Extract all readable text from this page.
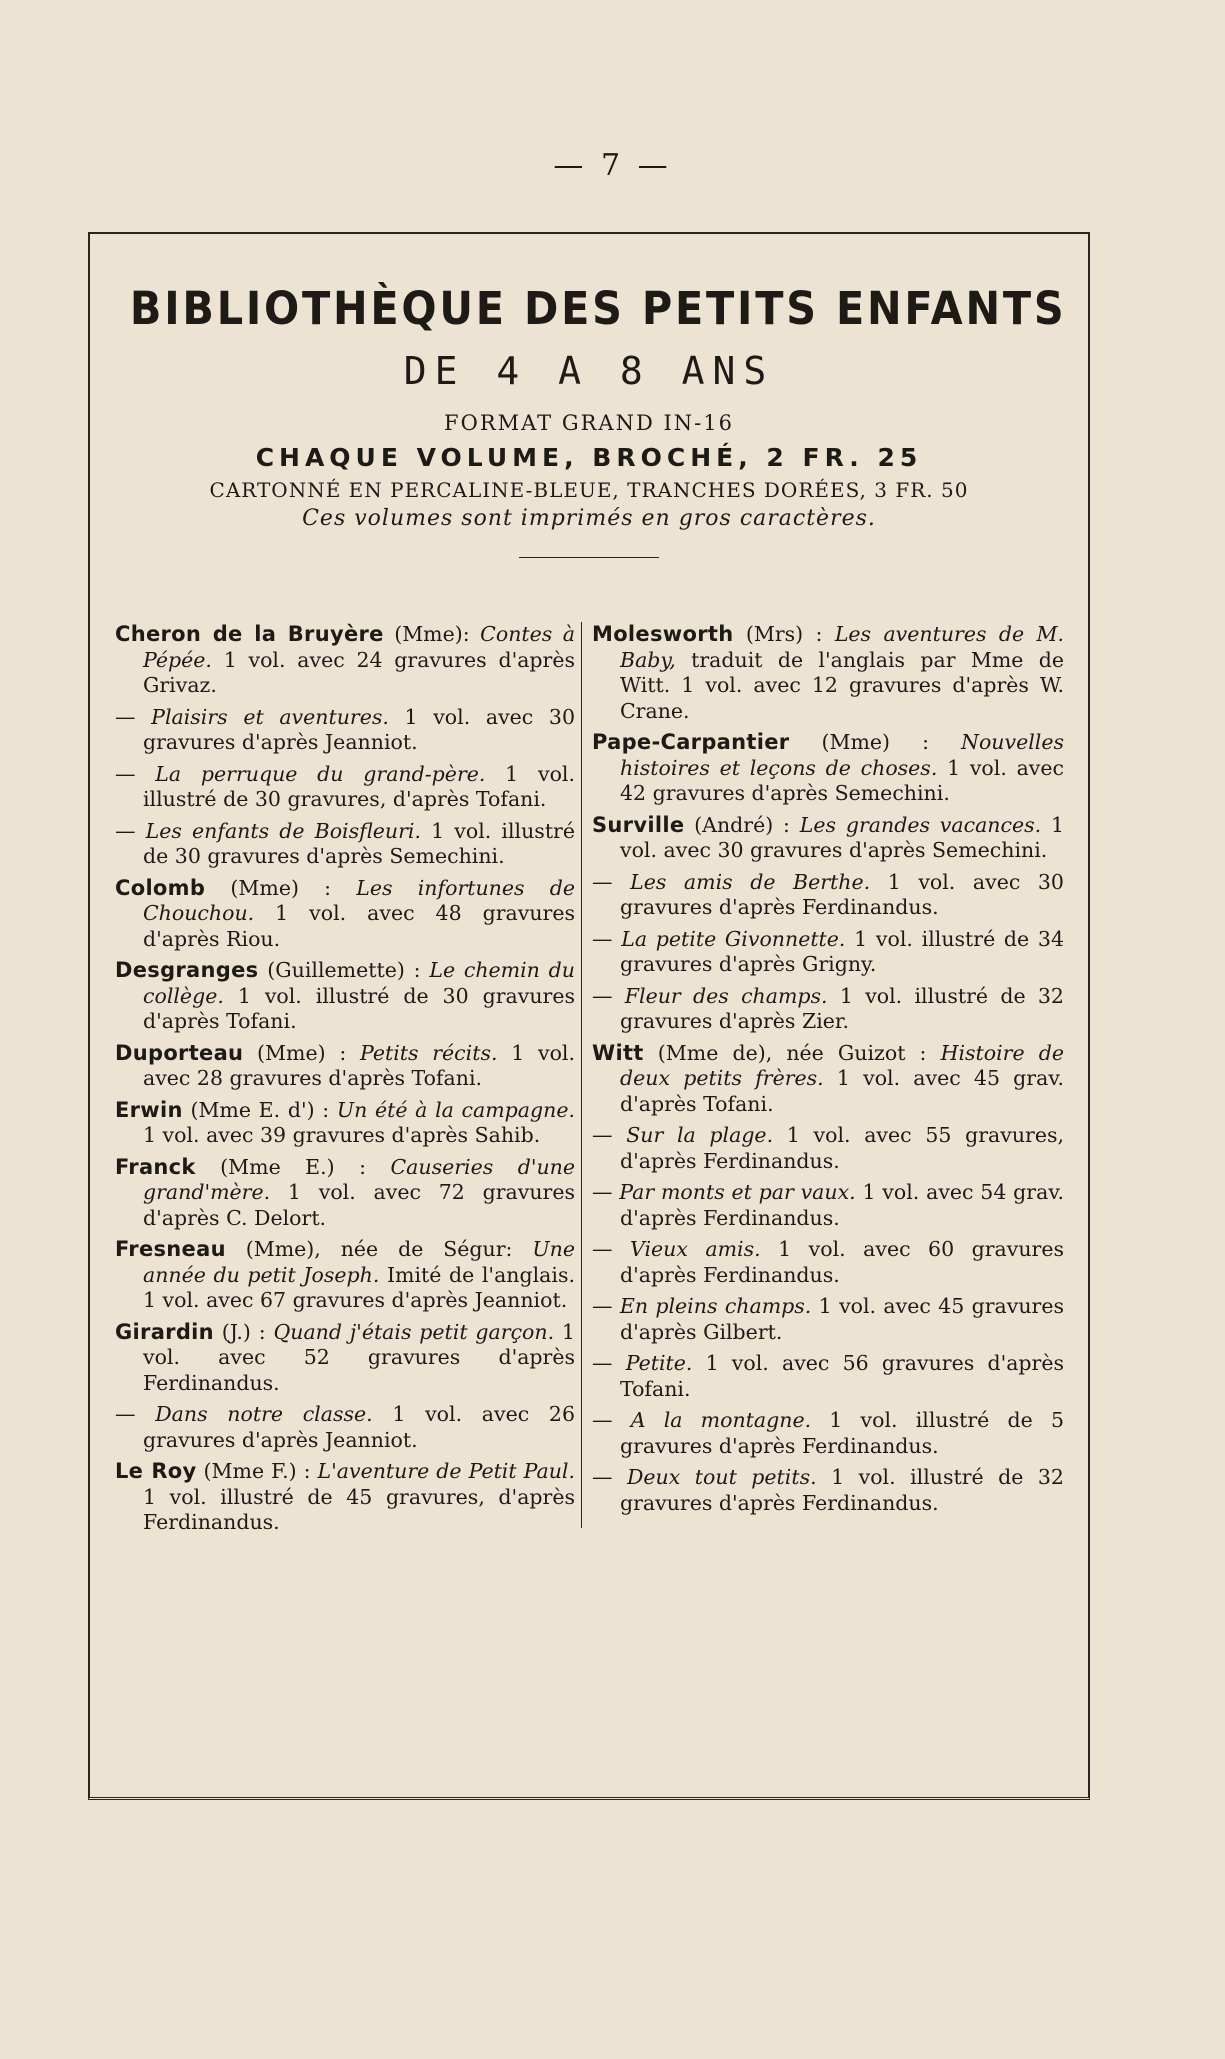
— 7 —
BIBLIOTHÈQUE DES PETITS ENFANTS
DE 4 A 8 ANS
FORMAT GRAND IN-16
CHAQUE VOLUME, BROCHÉ, 2 FR. 25
CARTONNÉ EN PERCALINE-BLEUE, TRANCHES DORÉES, 3 FR. 50
Ces volumes sont imprimés en gros caractères.
Cheron de la Bruyère (Mme): Contes à Pépée. 1 vol. avec 24 gravures d'après Grivaz.
— Plaisirs et aventures. 1 vol. avec 30 gravures d'après Jeanniot.
— La perruque du grand-père. 1 vol. illustré de 30 gravures, d'après Tofani.
— Les enfants de Boisfleuri. 1 vol. illustré de 30 gravures d'après Semechini.
Colomb (Mme) : Les infortunes de Chouchou. 1 vol. avec 48 gravures d'après Riou.
Desgranges (Guillemette) : Le chemin du collège. 1 vol. illustré de 30 gravures d'après Tofani.
Duporteau (Mme) : Petits récits. 1 vol. avec 28 gravures d'après Tofani.
Erwin (Mme E. d') : Un été à la campagne. 1 vol. avec 39 gravures d'après Sahib.
Franck (Mme E.) : Causeries d'une grand'mère. 1 vol. avec 72 gravures d'après C. Delort.
Fresneau (Mme), née de Ségur: Une année du petit Joseph. Imité de l'anglais. 1 vol. avec 67 gravures d'après Jeanniot.
Girardin (J.) : Quand j'étais petit garçon. 1 vol. avec 52 gravures d'après Ferdinandus.
— Dans notre classe. 1 vol. avec 26 gravures d'après Jeanniot.
Le Roy (Mme F.) : L'aventure de Petit Paul. 1 vol. illustré de 45 gravures, d'après Ferdinandus.
Molesworth (Mrs) : Les aventures de M. Baby, traduit de l'anglais par Mme de Witt. 1 vol. avec 12 gravures d'après W. Crane.
Pape-Carpantier (Mme) : Nouvelles histoires et leçons de choses. 1 vol. avec 42 gravures d'après Semechini.
Surville (André) : Les grandes vacances. 1 vol. avec 30 gravures d'après Semechini.
— Les amis de Berthe. 1 vol. avec 30 gravures d'après Ferdinandus.
— La petite Givonnette. 1 vol. illustré de 34 gravures d'après Grigny.
— Fleur des champs. 1 vol. illustré de 32 gravures d'après Zier.
Witt (Mme de), née Guizot : Histoire de deux petits frères. 1 vol. avec 45 grav. d'après Tofani.
— Sur la plage. 1 vol. avec 55 gravures, d'après Ferdinandus.
— Par monts et par vaux. 1 vol. avec 54 grav. d'après Ferdinandus.
— Vieux amis. 1 vol. avec 60 gravures d'après Ferdinandus.
— En pleins champs. 1 vol. avec 45 gravures d'après Gilbert.
— Petite. 1 vol. avec 56 gravures d'après Tofani.
— A la montagne. 1 vol. illustré de 5 gravures d'après Ferdinandus.
— Deux tout petits. 1 vol. illustré de 32 gravures d'après Ferdinandus.
